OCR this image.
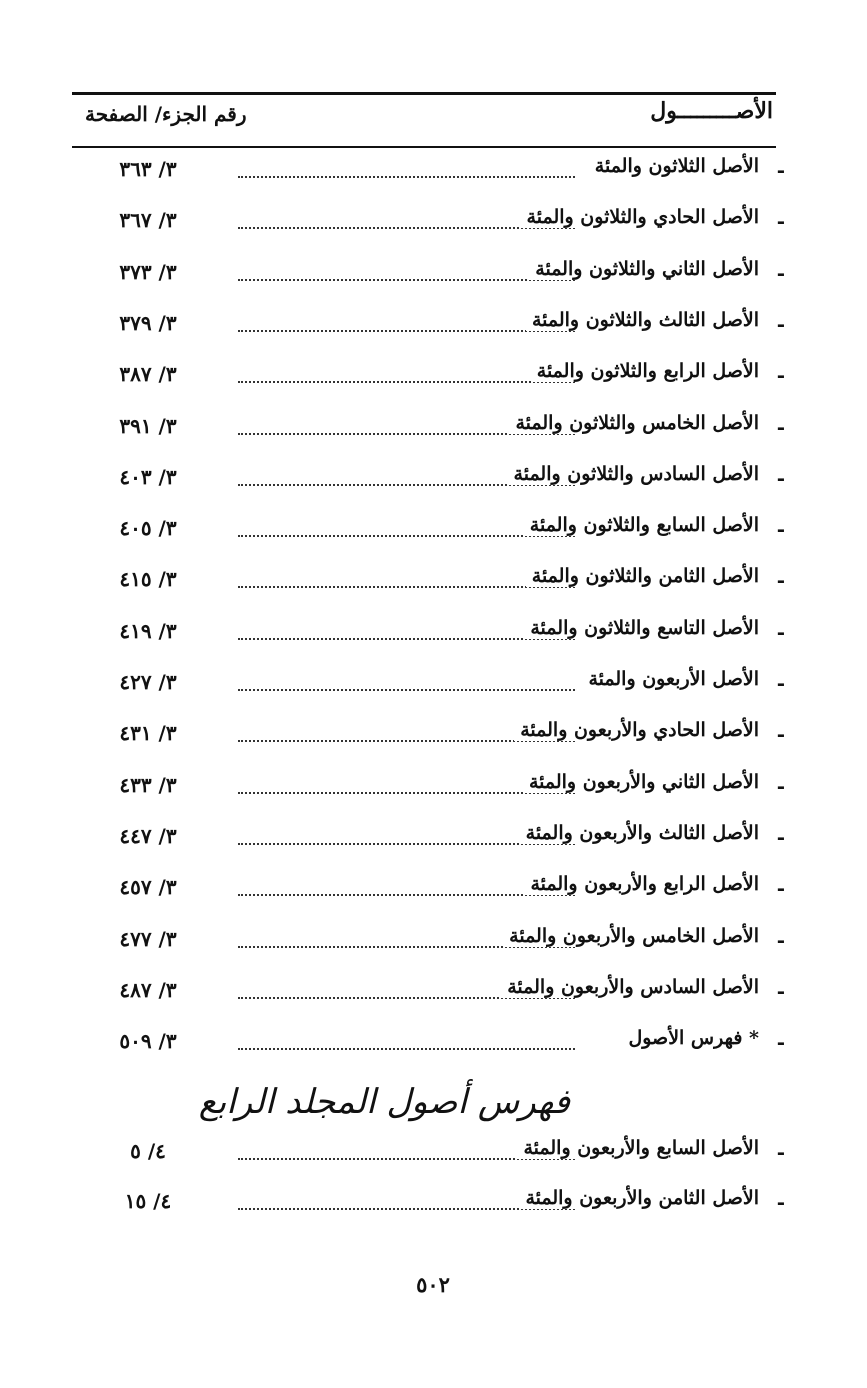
الأصـــــــــول
رقم الجزء/ الصفحة
-
الأصل الثلاثون والمئة
٣/ ٣٦٣
-
الأصل الحادي والثلاثون والمئة
٣/ ٣٦٧
-
الأصل الثاني والثلاثون والمئة
٣/ ٣٧٣
-
الأصل الثالث والثلاثون والمئة
٣/ ٣٧٩
-
الأصل الرابع والثلاثون والمئة
٣/ ٣٨٧
-
الأصل الخامس والثلاثون والمئة
٣/ ٣٩١
-
الأصل السادس والثلاثون والمئة
٣/ ٤٠٣
-
الأصل السابع والثلاثون والمئة
٣/ ٤٠٥
-
الأصل الثامن والثلاثون والمئة
٣/ ٤١٥
-
الأصل التاسع والثلاثون والمئة
٣/ ٤١٩
-
الأصل الأربعون والمئة
٣/ ٤٢٧
-
الأصل الحادي والأربعون والمئة
٣/ ٤٣١
-
الأصل الثاني والأربعون والمئة
٣/ ٤٣٣
-
الأصل الثالث والأربعون والمئة
٣/ ٤٤٧
-
الأصل الرابع والأربعون والمئة
٣/ ٤٥٧
-
الأصل الخامس والأربعون والمئة
٣/ ٤٧٧
-
الأصل السادس والأربعون والمئة
٣/ ٤٨٧
-
* فهرس الأصول
٣/ ٥٠٩
فهرس أصول المجلد الرابع
-
الأصل السابع والأربعون والمئة
٤/ ٥
-
الأصل الثامن والأربعون والمئة
٤/ ١٥
٥٠٢
